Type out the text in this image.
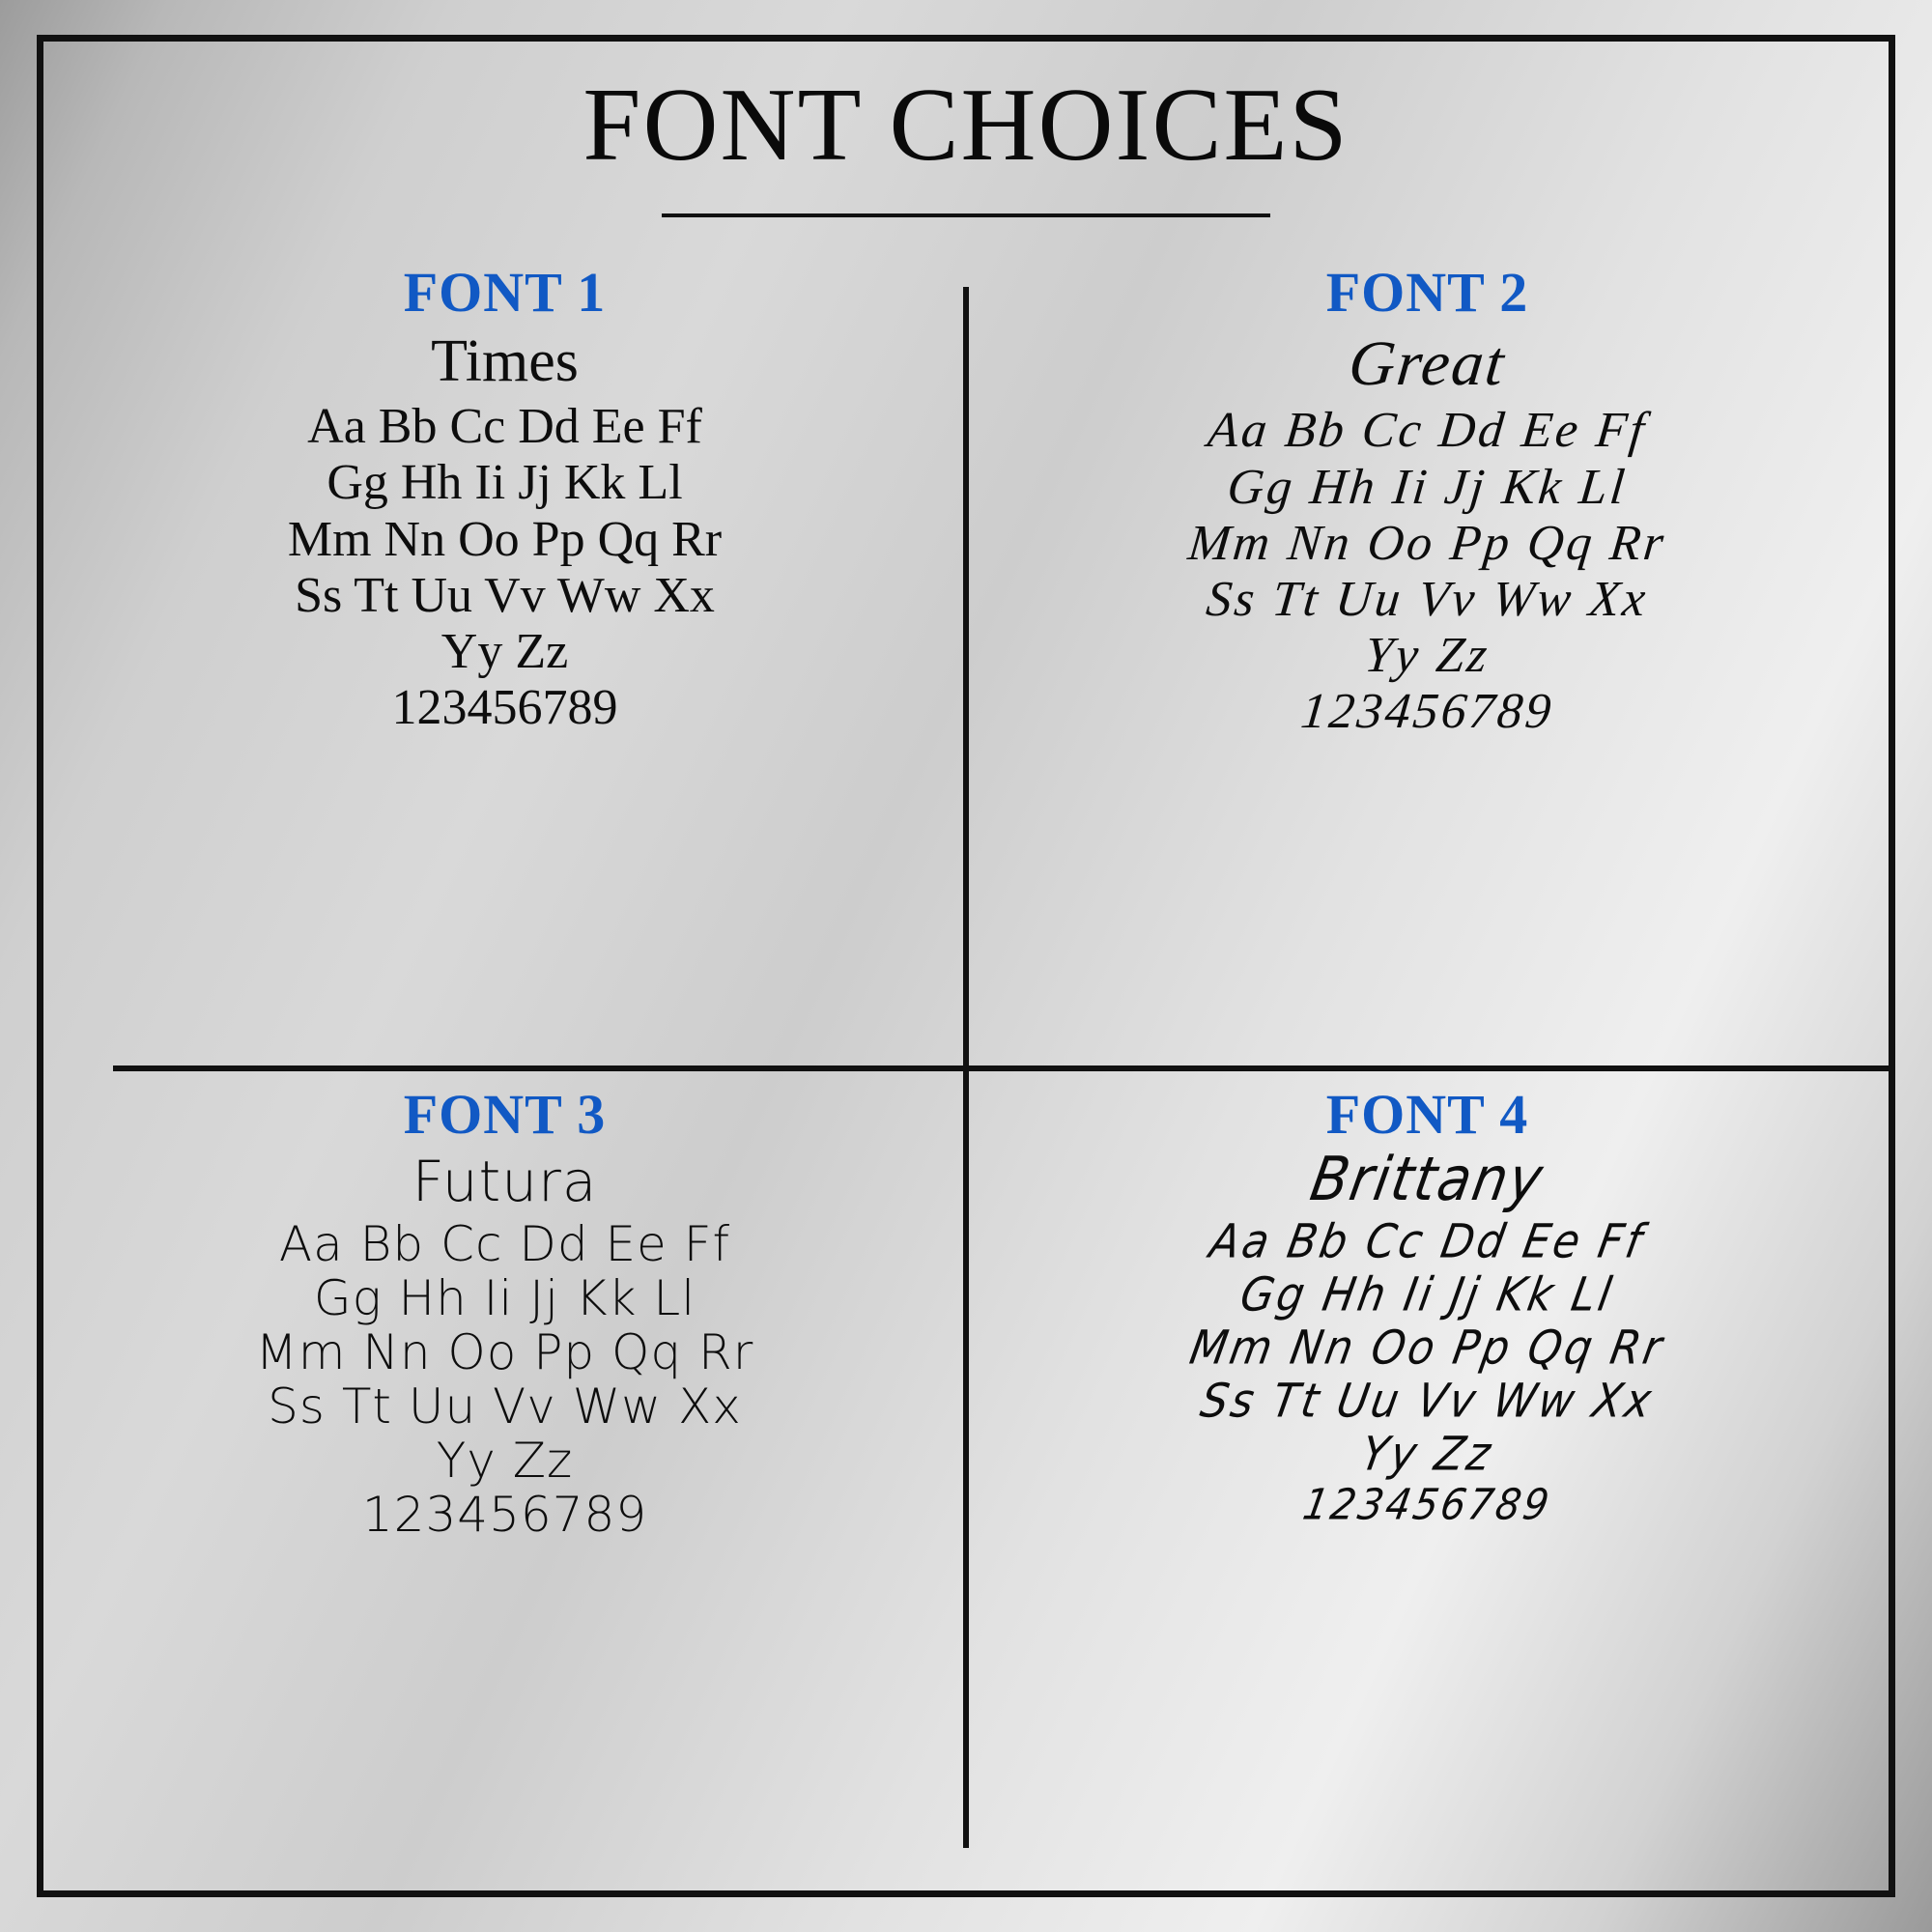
FONT CHOICES
FONT 1
Times
Aa Bb Cc Dd Ee Ff
Gg Hh Ii Jj Kk Ll
Mm Nn Oo Pp Qq Rr
Ss Tt Uu Vv Ww Xx
Yy Zz
123456789
FONT 2
Great
Aa Bb Cc Dd Ee Ff
Gg Hh Ii Jj Kk Ll
Mm Nn Oo Pp Qq Rr
Ss Tt Uu Vv Ww Xx
Yy Zz
123456789
FONT 3
Futura
Aa Bb Cc Dd Ee Ff
Gg Hh Ii Jj Kk Ll
Mm Nn Oo Pp Qq Rr
Ss Tt Uu Vv Ww Xx
Yy Zz
123456789
FONT 4
Brittany
Aa Bb Cc Dd Ee Ff
Gg Hh Ii Jj Kk Ll
Mm Nn Oo Pp Qq Rr
Ss Tt Uu Vv Ww Xx
Yy Zz
123456789
